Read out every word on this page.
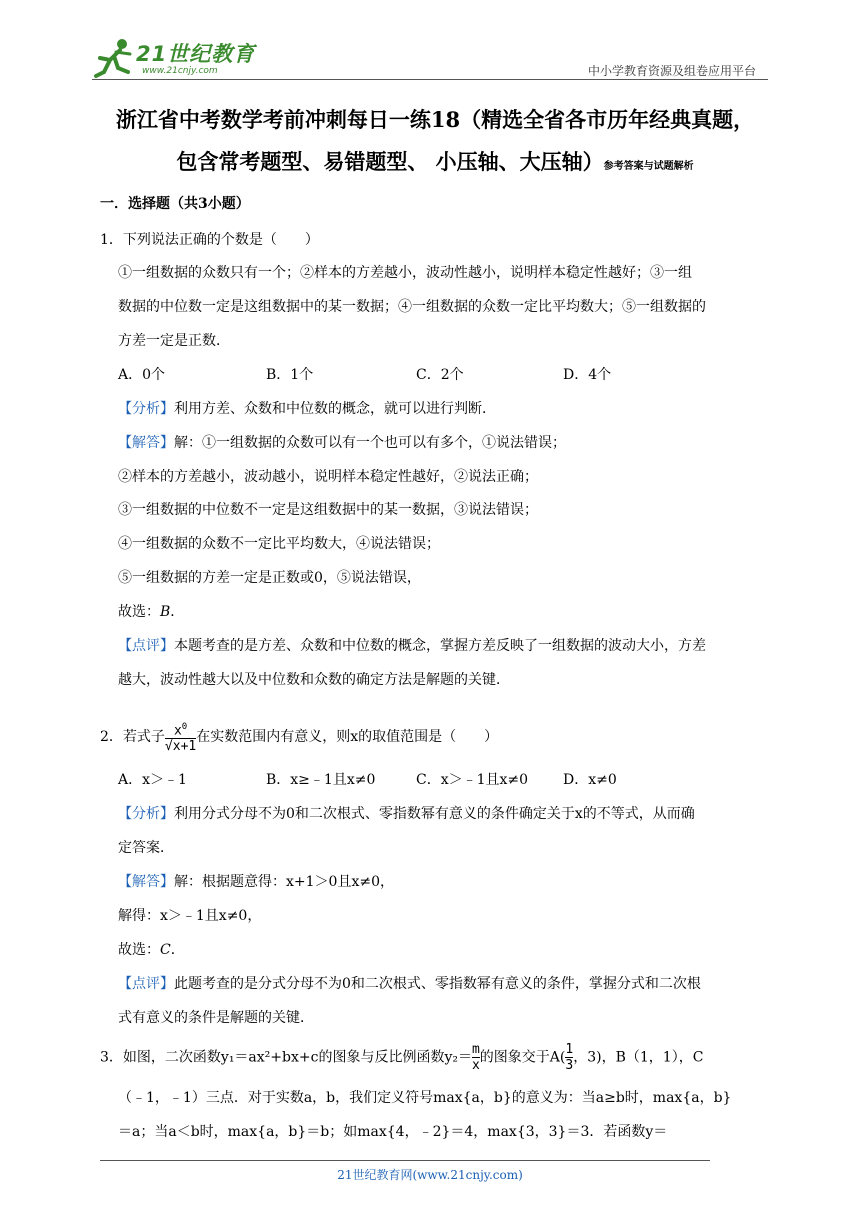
21世纪教育
www.21cnjy.com	中小学教育资源及组卷应用平台
浙江省中考数学考前冲刺每日一练18（精选全省各市历年经典真题，
包含常考题型、易错题型、 小压轴、大压轴）参考答案与试题解析
一．选择题（共3小题）
1．下列说法正确的个数是（　　）
①一组数据的众数只有一个；②样本的方差越小，波动性越小，说明样本稳定性越好；③一组
数据的中位数一定是这组数据中的某一数据；④一组数据的众数一定比平均数大；⑤一组数据的
方差一定是正数．
A．0个	B．1个	C．2个	D．4个
【分析】利用方差、众数和中位数的概念，就可以进行判断．
【解答】解：①一组数据的众数可以有一个也可以有多个，①说法错误；
②样本的方差越小，波动越小，说明样本稳定性越好，②说法正确；
③一组数据的中位数不一定是这组数据中的某一数据，③说法错误；
④一组数据的众数不一定比平均数大，④说法错误；
⑤一组数据的方差一定是正数或0，⑤说法错误，
故选：B．
【点评】本题考查的是方差、众数和中位数的概念，掌握方差反映了一组数据的波动大小，方差
越大，波动性越大以及中位数和众数的确定方法是解题的关键．
2．若式子 $\frac{x^0}{√x+1}$ 在实数范围内有意义，则x的取值范围是（　　）
A．x＞﹣1	B．x≥﹣1且x≠0	C．x＞﹣1且x≠0 D．x≠0
【分析】利用分式分母不为0和二次根式、零指数幂有意义的条件确定关于x的不等式，从而确
定答案．
【解答】解：根据题意得：x+1＞0且x≠0，
解得：x＞﹣1且x≠0，
故选：C．
【点评】此题考查的是分式分母不为0和二次根式、零指数幂有意义的条件，掌握分式和二次根
式有意义的条件是解题的关键．
3．如图，二次函数y₁＝ax²+bx+c的图象与反比例函数$y_2= \frac{m}{x}$ 的图象交于$A( \frac{1}{3}$ ，3)，B（1，1），C
（﹣1，﹣1）三点．对于实数a，b，我们定义符号max{a，b}的意义为：当a≥b时，max{a，b}
＝a；当a＜b时，max{a，b}＝b；如max{4，﹣2}＝4，max{3，3}＝3．若函数y＝
21世纪教育网(www.21cnjy.com)
